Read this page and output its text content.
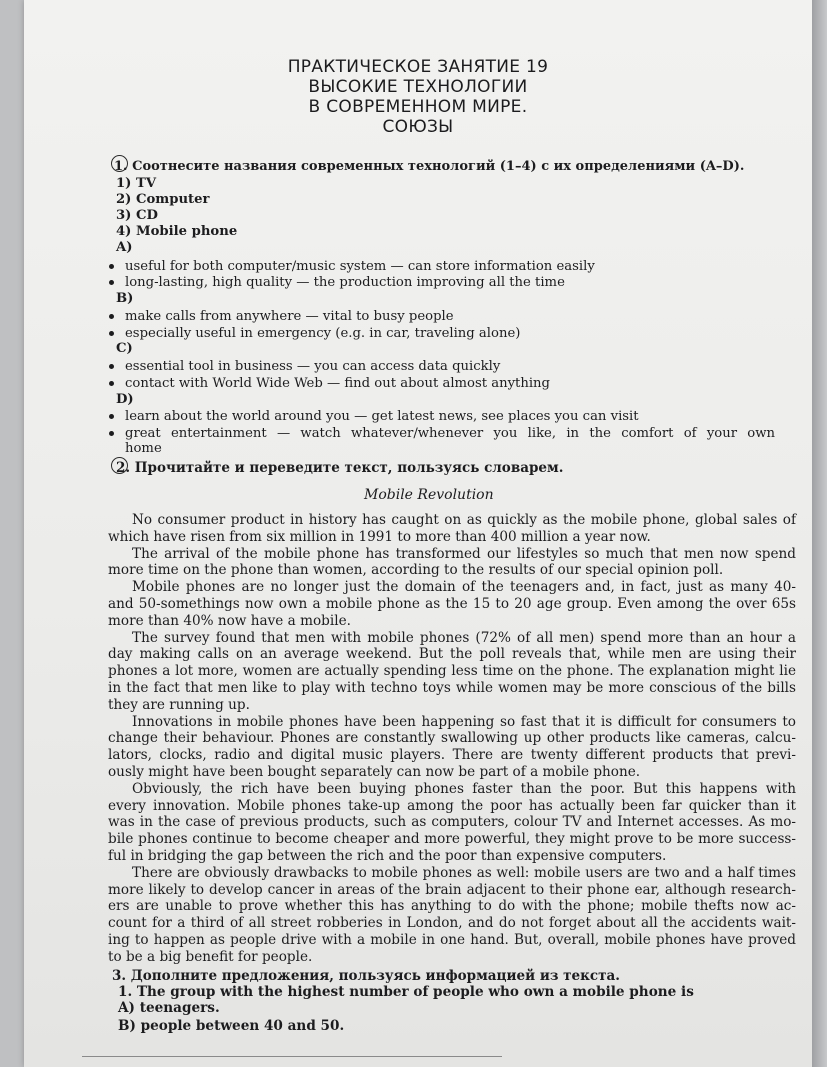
ПРАКТИЧЕСКОЕ ЗАНЯТИЕ 19
ВЫСОКИЕ ТЕХНОЛОГИИ
В СОВРЕМЕННОМ МИРЕ.
СОЮЗЫ
1. Соотнесите названия современных технологий (1–4) с их определениями (A–D).
1) TV
2) Computer
3) CD
4) Mobile phone
A)
useful for both computer/music system — can store information easily
long-lasting, high quality — the production improving all the time
B)
make calls from anywhere — vital to busy people
especially useful in emergency (e.g. in car, traveling alone)
C)
essential tool in business — you can access data quickly
contact with World Wide Web — find out about almost anything
D)
learn about the world around you — get latest news, see places you can visit
great entertainment — watch whatever/whenever you like, in the comfort of your own
home
2. Прочитайте и переведите текст, пользуясь словарем.
Mobile Revolution
No consumer product in history has caught on as quickly as the mobile phone, global sales of
which have risen from six million in 1991 to more than 400 million a year now.
The arrival of the mobile phone has transformed our lifestyles so much that men now spend
more time on the phone than women, according to the results of our special opinion poll.
Mobile phones are no longer just the domain of the teenagers and, in fact, just as many 40-
and 50-somethings now own a mobile phone as the 15 to 20 age group. Even among the over 65s
more than 40% now have a mobile.
The survey found that men with mobile phones (72% of all men) spend more than an hour a
day making calls on an average weekend. But the poll reveals that, while men are using their
phones a lot more, women are actually spending less time on the phone. The explanation might lie
in the fact that men like to play with techno toys while women may be more conscious of the bills
they are running up.
Innovations in mobile phones have been happening so fast that it is difficult for consumers to
change their behaviour. Phones are constantly swallowing up other products like cameras, calcu-
lators, clocks, radio and digital music players. There are twenty different products that previ-
ously might have been bought separately can now be part of a mobile phone.
Obviously, the rich have been buying phones faster than the poor. But this happens with
every innovation. Mobile phones take-up among the poor has actually been far quicker than it
was in the case of previous products, such as computers, colour TV and Internet accesses. As mo-
bile phones continue to become cheaper and more powerful, they might prove to be more success-
ful in bridging the gap between the rich and the poor than expensive computers.
There are obviously drawbacks to mobile phones as well: mobile users are two and a half times
more likely to develop cancer in areas of the brain adjacent to their phone ear, although research-
ers are unable to prove whether this has anything to do with the phone; mobile thefts now ac-
count for a third of all street robberies in London, and do not forget about all the accidents wait-
ing to happen as people drive with a mobile in one hand. But, overall, mobile phones have proved
to be a big benefit for people.
3. Дополните предложения, пользуясь информацией из текста.
1. The group with the highest number of people who own a mobile phone is
A) teenagers.
B) people between 40 and 50.
